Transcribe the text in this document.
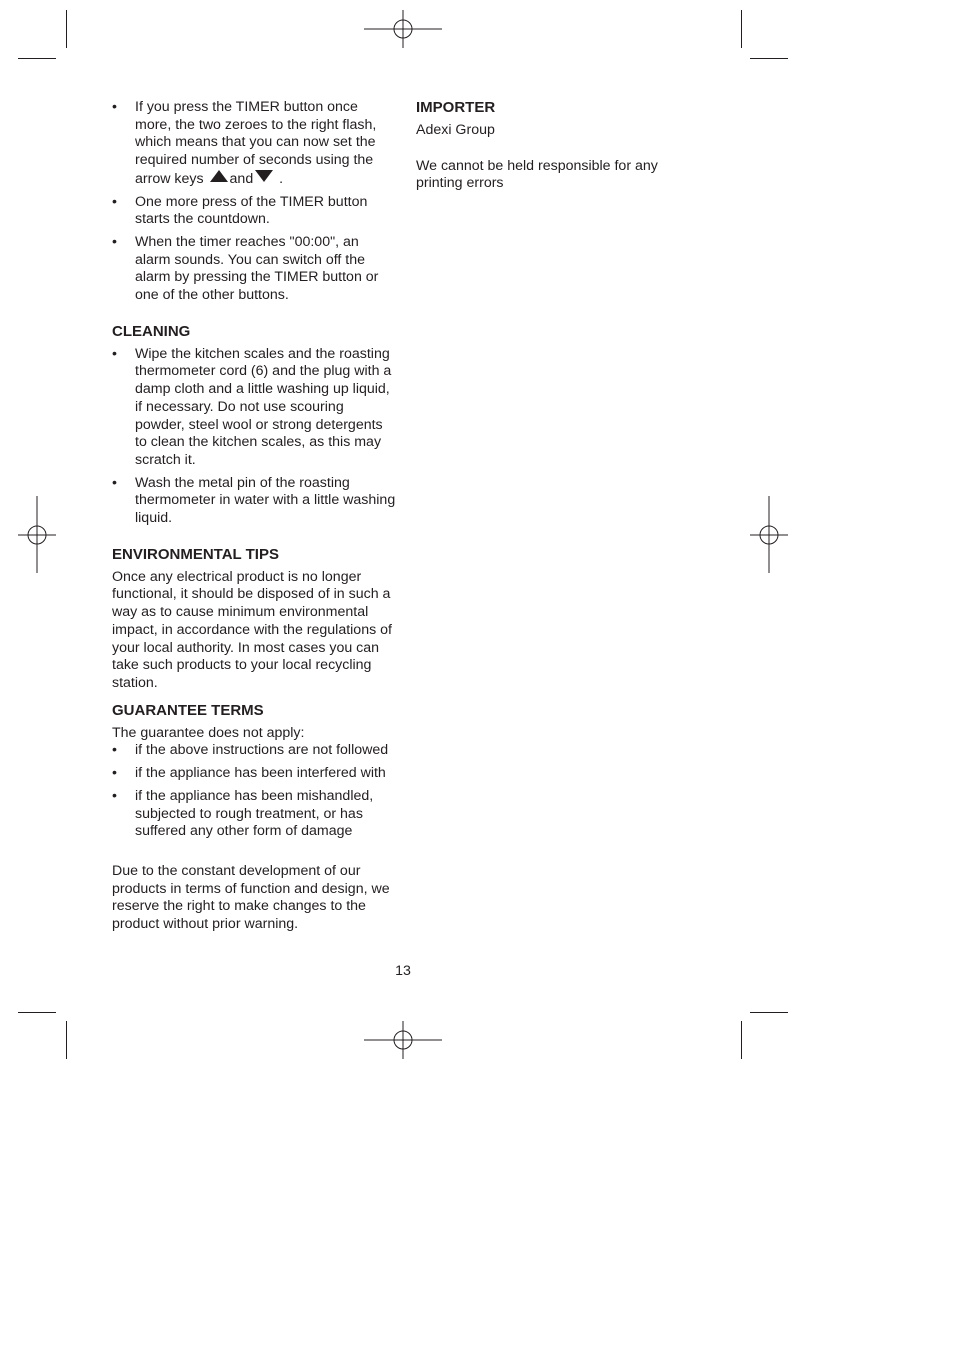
• If you press the TIMER button once more, the two zeroes to the right flash, which means that you can now set the required number of seconds using the arrow keys and .
• One more press of the TIMER button starts the countdown.
• When the timer reaches "00:00", an alarm sounds. You can switch off the alarm by pressing the TIMER button or one of the other buttons.
CLEANING
• Wipe the kitchen scales and the roasting thermometer cord (6) and the plug with a damp cloth and a little washing up liquid, if necessary. Do not use scouring powder, steel wool or strong detergents to clean the kitchen scales, as this may scratch it.
• Wash the metal pin of the roasting thermometer in water with a little washing liquid.
ENVIRONMENTAL TIPS

Once any electrical product is no longer functional, it should be disposed of in such a way as to cause minimum environmental impact, in accordance with the regulations of your local authority. In most cases you can take such products to your local recycling station.

GUARANTEE TERMS

The guarantee does not apply:

• if the above instructions are not followed
• if the appliance has been interfered with
• if the appliance has been mishandled, subjected to rough treatment, or has suffered any other form of damage

Due to the constant development of our products in terms of function and design, we reserve the right to make changes to the product without prior warning.

IMPORTER

Adexi Group

We cannot be held responsible for any printing errors

13
